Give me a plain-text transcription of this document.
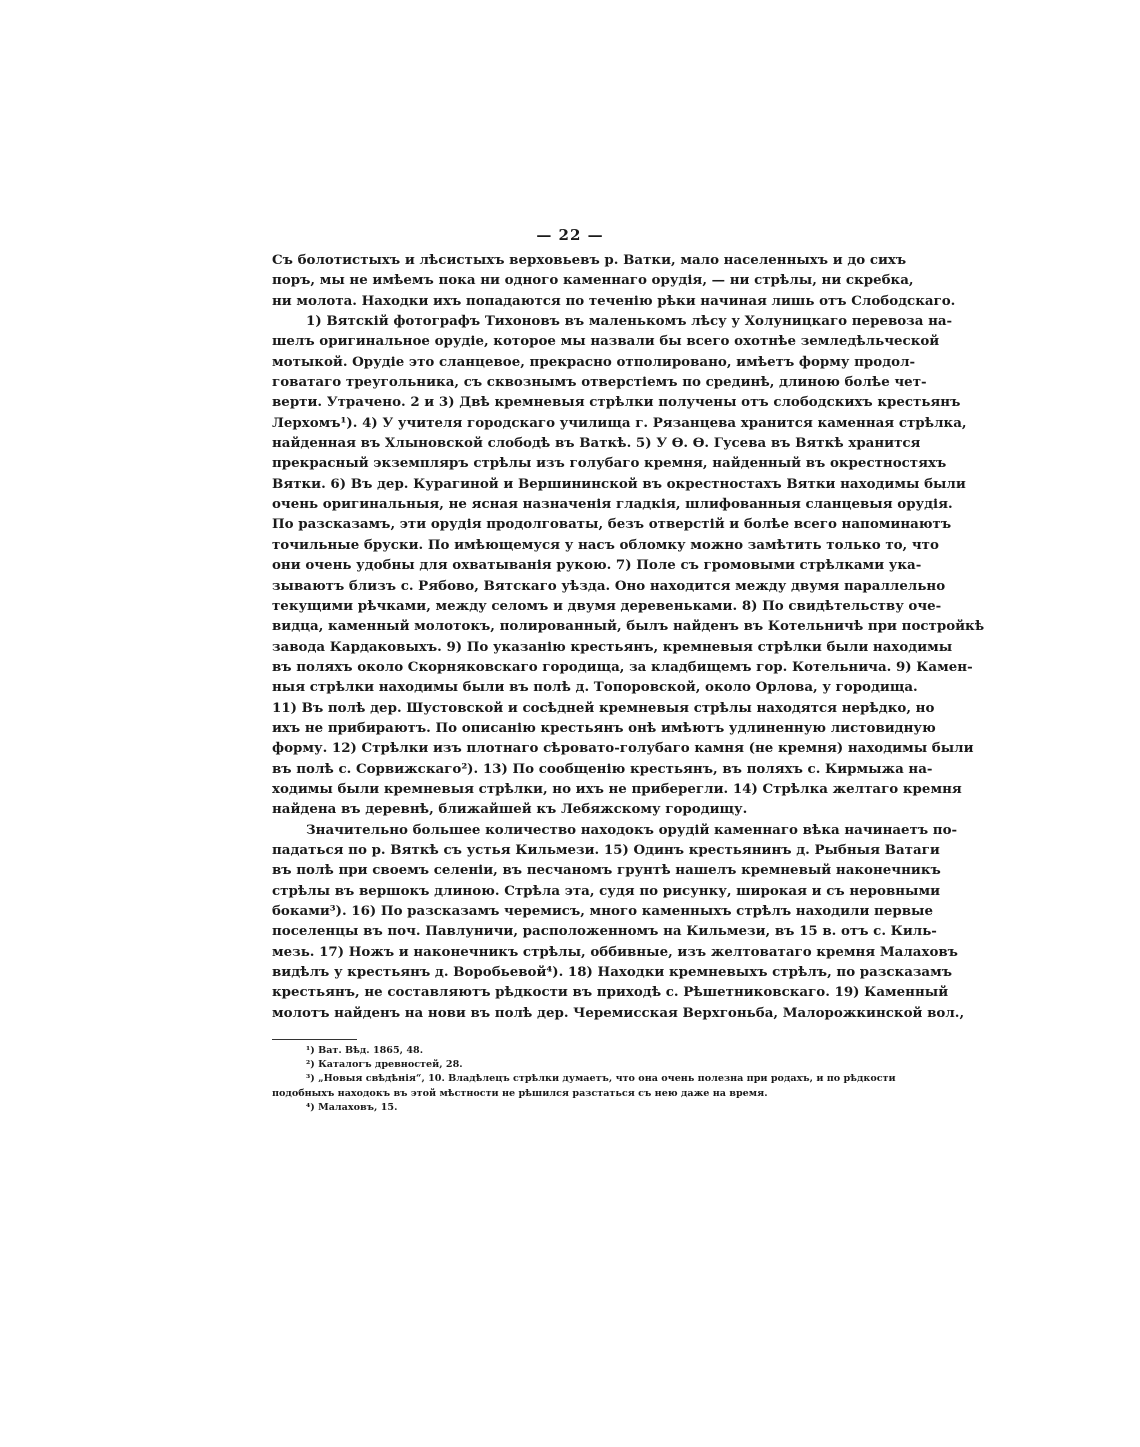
— 22 —
Съ болотистыхъ и лѣсистыхъ верховьевъ р. Ватки, мало населенныхъ и до сихъ
поръ, мы не имѣемъ пока ни одного каменнаго орудія, — ни стрѣлы, ни скребка,
ни молота. Находки ихъ попадаются по теченію рѣки начиная лишь отъ Слободскаго.
1) Вятскій фотографъ Тихоновъ въ маленькомъ лѣсу у Холуницкаго перевоза на-
шелъ оригинальное орудіе, которое мы назвали бы всего охотнѣе земледѣльческой
мотыкой. Орудіе это сланцевое, прекрасно отполировано, имѣетъ форму продол-
говатаго треугольника, съ сквознымъ отверстіемъ по срединѣ, длиною болѣе чет-
верти. Утрачено. 2 и 3) Двѣ кремневыя стрѣлки получены отъ слободскихъ крестьянъ
Лерхомъ¹). 4) У учителя городскаго училища г. Рязанцева хранится каменная стрѣлка,
найденная въ Хлыновской слободѣ въ Ваткѣ. 5) У Ѳ. Ѳ. Гусева въ Вяткѣ хранится
прекрасный экземпляръ стрѣлы изъ голубаго кремня, найденный въ окрестностяхъ
Вятки. 6) Въ дер. Курагиной и Вершининской въ окрестностахъ Вятки находимы были
очень оригинальныя, не ясная назначенія гладкія, шлифованныя сланцевыя орудія.
По разсказамъ, эти орудія продолговаты, безъ отверстій и болѣе всего напоминаютъ
точильные бруски. По имѣющемуся у насъ обломку можно замѣтить только то, что
они очень удобны для охватыванія рукою. 7) Поле съ громовыми стрѣлками ука-
зываютъ близъ с. Рябово, Вятскаго уѣзда. Оно находится между двумя параллельно
текущими рѣчками, между селомъ и двумя деревеньками. 8) По свидѣтельству оче-
видца, каменный молотокъ, полированный, былъ найденъ въ Котельничѣ при постройкѣ
завода Кардаковыхъ. 9) По указанію крестьянъ, кремневыя стрѣлки были находимы
въ поляхъ около Скорняковскаго городища, за кладбищемъ гор. Котельнича. 9) Камен-
ныя стрѣлки находимы были въ полѣ д. Топоровской, около Орлова, у городища.
11) Въ полѣ дер. Шустовской и сосѣдней кремневыя стрѣлы находятся нерѣдко, но
ихъ не прибираютъ. По описанію крестьянъ онѣ имѣютъ удлиненную листовидную
форму. 12) Стрѣлки изъ плотнаго сѣровато-голубаго камня (не кремня) находимы были
въ полѣ с. Сорвижскаго²). 13) По сообщенію крестьянъ, въ поляхъ с. Кирмыжа на-
ходимы были кремневыя стрѣлки, но ихъ не приберегли. 14) Стрѣлка желтаго кремня
найдена въ деревнѣ, ближайшей къ Лебяжскому городищу.
Значительно большее количество находокъ орудій каменнаго вѣка начинаетъ по-
падаться по р. Вяткѣ съ устья Кильмези. 15) Одинъ крестьянинъ д. Рыбныя Ватаги
въ полѣ при своемъ селеніи, въ песчаномъ грунтѣ нашелъ кремневый наконечникъ
стрѣлы въ вершокъ длиною. Стрѣла эта, судя по рисунку, широкая и съ неровными
боками³). 16) По разсказамъ черемисъ, много каменныхъ стрѣлъ находили первые
поселенцы въ поч. Павлуничи, расположенномъ на Кильмези, въ 15 в. отъ с. Киль-
мезь. 17) Ножъ и наконечникъ стрѣлы, оббивные, изъ желтоватаго кремня Малаховъ
видѣлъ у крестьянъ д. Воробьевой⁴). 18) Находки кремневыхъ стрѣлъ, по разсказамъ
крестьянъ, не составляютъ рѣдкости въ приходѣ с. Рѣшетниковскаго. 19) Каменный
молотъ найденъ на нови въ полѣ дер. Черемисская Верхгоньба, Малорожкинской вол.,
¹) Ват. Вѣд. 1865, 48.
²) Каталогъ древностей, 28.
³) „Новыя свѣдѣнія“, 10. Владѣлецъ стрѣлки думаетъ, что она очень полезна при родахъ, и по рѣдкости
подобныхъ находокъ въ этой мѣстности не рѣшился разстаться съ нею даже на время.
⁴) Малаховъ, 15.
